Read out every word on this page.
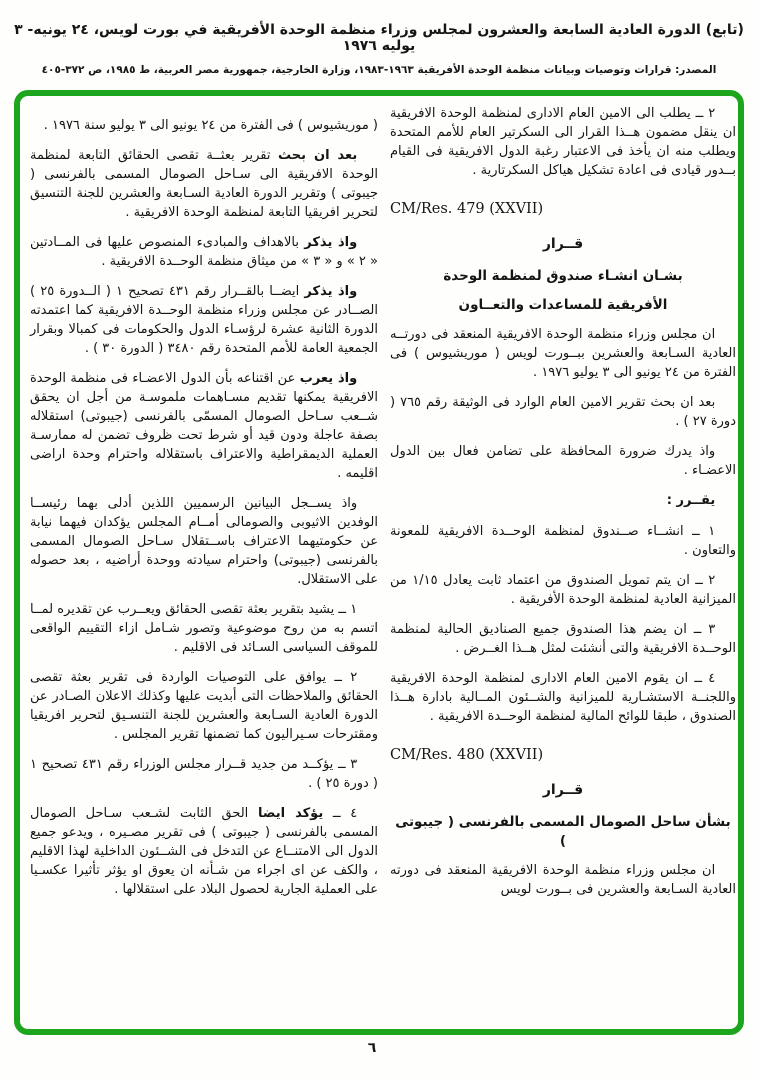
(تابع) الدورة العادية السابعة والعشرون لمجلس وزراء منظمة الوحدة الأفريقية في بورت لويس، ٢٤ يونيه- ٣ يوليه ١٩٧٦
المصدر: قرارات وتوصيات وبيانات منظمة الوحدة الأفريقية ١٩٦٣-١٩٨٣، وزارة الخارجية، جمهورية مصر العربية، ط ١٩٨٥، ص ٣٧٢-٤٠٥

٢ ــ يطلب الى الامين العام الادارى لمنظمة الوحدة الافريقية ان ينقل مضمون هــذا القرار الى السكرتير العام للأمم المتحدة ويطلب منه ان يأخذ فى الاعتبار رغبة الدول الافريقية فى القيام بــدور قيادى فى اعادة تشكيل هياكل السكرتارية .

CM/Res. 479 (XXVII)

قــرار

بشـان انشـاء صندوق لمنظمة الوحدة

الأفريقية للمساعدات والتعــاون

ان مجلس وزراء منظمة الوحدة الافريقية المنعقد فى دورتــه العادية السـابعة والعشرين ببــورت لويس ( موريشيوس ) فى الفترة من ٢٤ يونيو الى ٣ يوليو ١٩٧٦ .

بعد ان بحث تقرير الامين العام الوارد فى الوثيقة رقم ٧٦٥ ( دورة ٢٧ ) .

واذ يدرك ضرورة المحافظة على تضامن فعال بين الدول الاعضـاء .

يقــرر :

١ ــ انشــاء صــندوق لمنظمة الوحــدة الافريقية للمعونة والتعاون .

٢ ــ ان يتم تمويل الصندوق من اعتماد ثابت يعادل ١/١٥ من الميزانية العادية لمنظمة الوحدة الأفريقية .

٣ ــ ان يضم هذا الصندوق جميع الصناديق الحالية لمنظمة الوحــدة الافريقية والتى أنشئت لمثل هــذا الغــرض .

٤ ــ ان يقوم الامين العام الادارى لمنظمة الوحدة الافريقية واللجنــة الاستشـارية للميزانية والشــئون المــالية بادارة هــذا الصندوق ، طبقا للوائح المالية لمنظمة الوحــدة الافريقية .

CM/Res. 480 (XXVII)

قــرار

بشأن ساحل الصومال المسمى بالفرنسى ( جيبوتى )

ان مجلس وزراء منظمة الوحدة الافريقية المنعقد فى دورته العادية السـابعة والعشرين فى بــورت لويس

( موريشيوس ) فى الفترة من ٢٤ يونيو الى ٣ يوليو سنة ١٩٧٦ .

بعد ان بحث تقرير بعثــة تقصى الحقائق التابعة لمنظمة الوحدة الافريقية الى سـاحل الصومال المسمى بالفرنسى ( جيبوتى ) وتقرير الدورة العادية السـابعة والعشرين للجنة التنسيق لتحرير افريقيا التابعة لمنظمة الوحدة الافريقية .

واذ يذكر بالاهداف والمبادىء المنصوص عليها فى المــادتين « ٢ » و « ٣ » من ميثاق منظمة الوحــدة الافريقية .

واذ يذكر ايضــا بالقــرار رقم ٤٣١ تصحيح ١ ( الــدورة ٢٥ ) الصــادر عن مجلس وزراء منظمة الوحــدة الافريقية كما اعتمدته الدورة الثانية عشرة لرؤسـاء الدول والحكومات فى كمبالا وبقرار الجمعية العامة للأمم المتحدة رقم ٣٤٨٠ ( الدورة ٣٠ ) .

واذ يعرب عن اقتناعه بأن الدول الاعضـاء فى منظمة الوحدة الافريقية يمكنها تقديم مسـاهمات ملموسـة من أجل ان يحقق شــعب سـاحل الصومال المسمّى بالفرنسى (جيبوتى) استقلاله بصفة عاجلة ودون قيد أو شرط تحت ظروف تضمن له ممارسـة العملية الديمقراطية والاعتراف باستقلاله واحترام وحدة اراضى اقليمه .

واذ يســجل البيانين الرسميين اللذين أدلى بهما رئيســا الوفدين الاثيوبى والصومالى أمــام المجلس يؤكدان فيهما نيابة عن حكومتيهما الاعتراف باســتقلال سـاحل الصومال المسمى بالفرنسى (جيبوتى) واحترام سيادته ووحدة أراضيه ، بعد حصوله على الاستقلال.

١ ــ يشيد بتقرير بعثة تقصى الحقائق ويعــرب عن تقديره لمــا اتسم به من روح موضوعية وتصور شـامل ازاء التقييم الواقعى للموقف السياسى السـائد فى الاقليم .

٢ ــ يوافق على التوصيات الواردة فى تقرير بعثة تقصى الحقائق والملاحظات التى أبديت عليها وكذلك الاعلان الصـادر عن الدورة العادية السـابعة والعشرين للجنة التنسـيق لتحرير افريقيا ومقترحات سـيراليون كما تضمنها تقرير المجلس .

٣ ــ يؤكــد من جديد قــرار مجلس الوزراء رقم ٤٣١ تصحيح ١ ( دورة ٢٥ ) .

٤ ــ يؤكد ايضا الحق الثابت لشـعب سـاحل الصومال المسمى بالفرنسى ( جيبوتى ) فى تقرير مصـيره ، ويدعو جميع الدول الى الامتنــاع عن التدخل فى الشــئون الداخلية لهذا الاقليم ، والكف عن اى اجراء من شـأنه ان يعوق او يؤثر تأثيرا عكسـيا على العملية الجارية لحصول البلاد على استقلالها .

٦
